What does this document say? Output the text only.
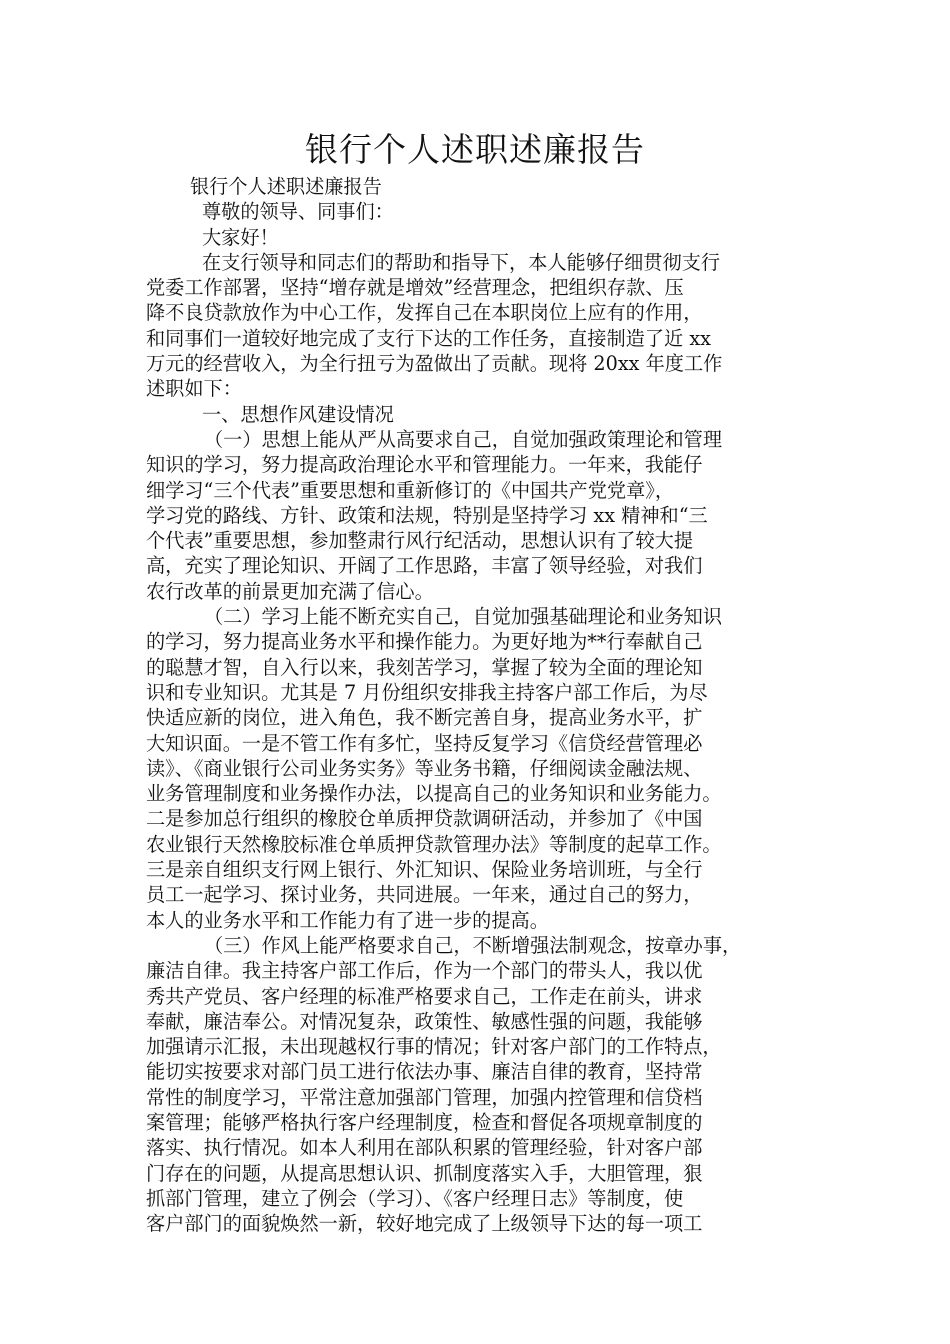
银行个人述职述廉报告
银行个人述职述廉报告
尊敬的领导、同事们：
大家好！
在支行领导和同志们的帮助和指导下，本人能够仔细贯彻支行
党委工作部署，坚持“增存就是增效”经营理念，把组织存款、压
降不良贷款放作为中心工作，发挥自己在本职岗位上应有的作用，
和同事们一道较好地完成了支行下达的工作任务，直接制造了近 xx
万元的经营收入，为全行扭亏为盈做出了贡献。现将 20xx 年度工作
述职如下：
一、思想作风建设情况
（一）思想上能从严从高要求自己，自觉加强政策理论和管理
知识的学习，努力提高政治理论水平和管理能力。一年来，我能仔
细学习“三个代表”重要思想和重新修订的《中国共产党党章》，
学习党的路线、方针、政策和法规，特别是坚持学习 xx 精神和“三
个代表”重要思想，参加整肃行风行纪活动，思想认识有了较大提
高，充实了理论知识、开阔了工作思路，丰富了领导经验，对我们
农行改革的前景更加充满了信心。
（二）学习上能不断充实自己，自觉加强基础理论和业务知识
的学习，努力提高业务水平和操作能力。为更好地为**行奉献自己
的聪慧才智，自入行以来，我刻苦学习，掌握了较为全面的理论知
识和专业知识。尤其是 7 月份组织安排我主持客户部工作后，为尽
快适应新的岗位，进入角色，我不断完善自身，提高业务水平，扩
大知识面。一是不管工作有多忙，坚持反复学习《信贷经营管理必
读》、《商业银行公司业务实务》等业务书籍，仔细阅读金融法规、
业务管理制度和业务操作办法，以提高自己的业务知识和业务能力。
二是参加总行组织的橡胶仓单质押贷款调研活动，并参加了《中国
农业银行天然橡胶标准仓单质押贷款管理办法》等制度的起草工作。
三是亲自组织支行网上银行、外汇知识、保险业务培训班，与全行
员工一起学习、探讨业务，共同进展。一年来，通过自己的努力，
本人的业务水平和工作能力有了进一步的提高。
（三）作风上能严格要求自己，不断增强法制观念，按章办事，
廉洁自律。我主持客户部工作后，作为一个部门的带头人，我以优
秀共产党员、客户经理的标准严格要求自己，工作走在前头，讲求
奉献，廉洁奉公。对情况复杂，政策性、敏感性强的问题，我能够
加强请示汇报，未出现越权行事的情况；针对客户部门的工作特点，
能切实按要求对部门员工进行依法办事、廉洁自律的教育，坚持常
常性的制度学习，平常注意加强部门管理，加强内控管理和信贷档
案管理；能够严格执行客户经理制度，检查和督促各项规章制度的
落实、执行情况。如本人利用在部队积累的管理经验，针对客户部
门存在的问题，从提高思想认识、抓制度落实入手，大胆管理，狠
抓部门管理，建立了例会（学习）、《客户经理日志》等制度，使
客户部门的面貌焕然一新，较好地完成了上级领导下达的每一项工
